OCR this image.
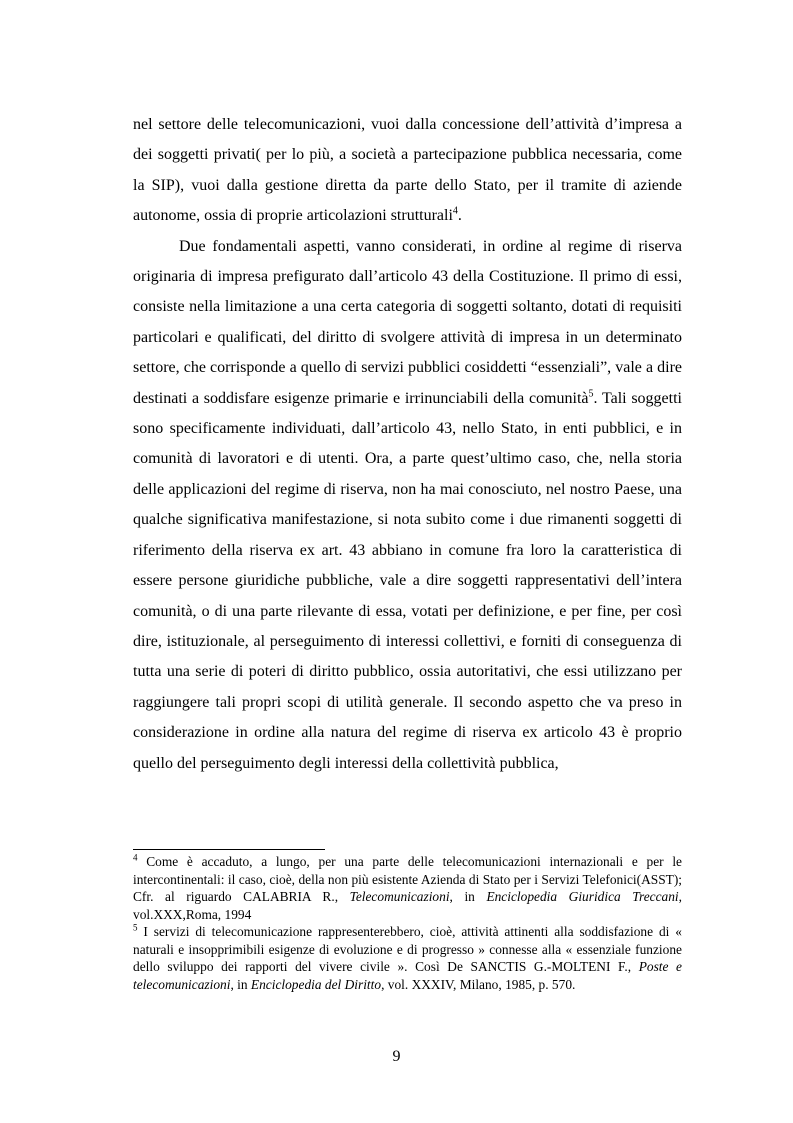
nel settore delle telecomunicazioni, vuoi dalla concessione dell’attività d’impresa a dei soggetti privati( per lo più, a società a partecipazione pubblica necessaria, come la SIP), vuoi dalla gestione diretta da parte dello Stato, per il tramite di aziende autonome, ossia di proprie articolazioni strutturali$^4$.

Due fondamentali aspetti, vanno considerati, in ordine al regime di riserva originaria di impresa prefigurato dall’articolo 43 della Costituzione. Il primo di essi, consiste nella limitazione a una certa categoria di soggetti soltanto, dotati di requisiti particolari e qualificati, del diritto di svolgere attività di impresa in un determinato settore, che corrisponde a quello di servizi pubblici cosiddetti “essenziali”, vale a dire destinati a soddisfare esigenze primarie e irrinunciabili della comunità$^5$. Tali soggetti sono specificamente individuati, dall’articolo 43, nello Stato, in enti pubblici, e in comunità di lavoratori e di utenti. Ora, a parte quest’ultimo caso, che, nella storia delle applicazioni del regime di riserva, non ha mai conosciuto, nel nostro Paese, una qualche significativa manifestazione, si nota subito come i due rimanenti soggetti di riferimento della riserva ex art. 43 abbiano in comune fra loro la caratteristica di essere persone giuridiche pubbliche, vale a dire soggetti rappresentativi dell’intera comunità, o di una parte rilevante di essa, votati per definizione, e per fine, per così dire, istituzionale, al perseguimento di interessi collettivi, e forniti di conseguenza di tutta una serie di poteri di diritto pubblico, ossia autoritativi, che essi utilizzano per raggiungere tali propri scopi di utilità generale. Il secondo aspetto che va preso in considerazione in ordine alla natura del regime di riserva ex articolo 43 è proprio quello del perseguimento degli interessi della collettività pubblica,

$^4$ Come è accaduto, a lungo, per una parte delle telecomunicazioni internazionali e per le intercontinentali: il caso, cioè, della non più esistente Azienda di Stato per i Servizi Telefonici(ASST); Cfr. al riguardo CALABRIA R., Telecomunicazioni, in Enciclopedia Giuridica Treccani, vol.XXX,Roma, 1994

$^5$ I servizi di telecomunicazione rappresenterebbero, cioè, attività attinenti alla soddisfazione di « naturali e insopprimibili esigenze di evoluzione e di progresso » connesse alla « essenziale funzione dello sviluppo dei rapporti del vivere civile ». Così De SANCTIS G.-MOLTENI F., Poste e telecomunicazioni, in Enciclopedia del Diritto, vol. XXXIV, Milano, 1985, p. 570.

9
